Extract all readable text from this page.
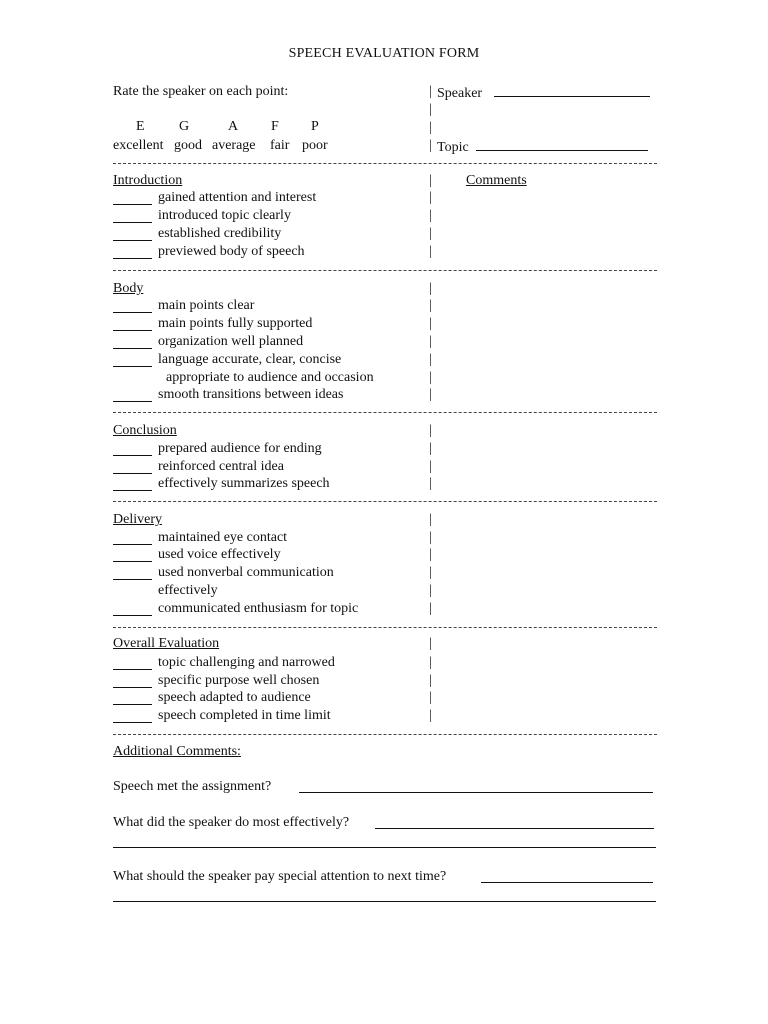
SPEECH EVALUATION FORM
Rate the speaker on each point:
E G	A F P
excellent good average fair poor
|
|
|
|
Speaker
Topic
Introduction	Comments
|
gained attention and interest	|
introduced topic clearly	|
established credibility	|
previewed body of speech	|
Body	|
main points clear	|
main points fully supported	|
organization well planned	|
language accurate, clear, concise	|
appropriate to audience and occasion	|
smooth transitions between ideas	|
Conclusion	|
prepared audience for ending	|
reinforced central idea	|
effectively summarizes speech	|
Delivery	|
maintained eye contact	|
used voice effectively	|
used nonverbal communication	|
effectively	|
communicated enthusiasm for topic	|
Overall Evaluation	|
topic challenging and narrowed	|
specific purpose well chosen	|
speech adapted to audience	|
speech completed in time limit	|
Additional Comments:
Speech met the assignment?
What did the speaker do most effectively?
What should the speaker pay special attention to next time?
